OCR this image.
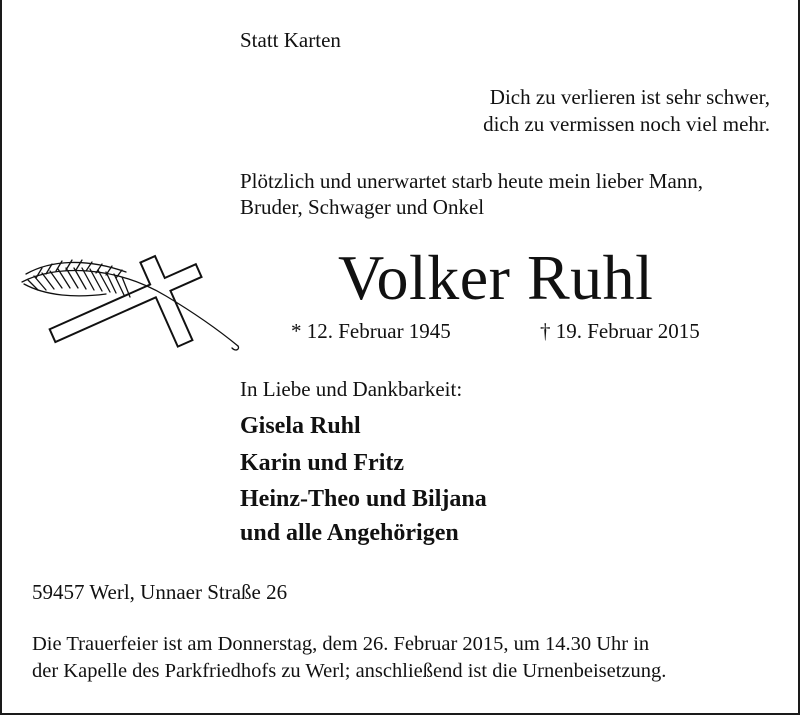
Statt Karten
Dich zu verlieren ist sehr schwer,
dich zu vermissen noch viel mehr.
Plötzlich und unerwartet starb heute mein lieber Mann,
Bruder, Schwager und Onkel
Volker Ruhl
* 12. Februar 1945	† 19. Februar 2015
In Liebe und Dankbarkeit:
Gisela Ruhl
Karin und Fritz
Heinz-Theo und Biljana
und alle Angehörigen
59457 Werl, Unnaer Straße 26
Die Trauerfeier ist am Donnerstag, dem 26. Februar 2015, um 14.30 Uhr in
der Kapelle des Parkfriedhofs zu Werl; anschließend ist die Urnenbeisetzung.
